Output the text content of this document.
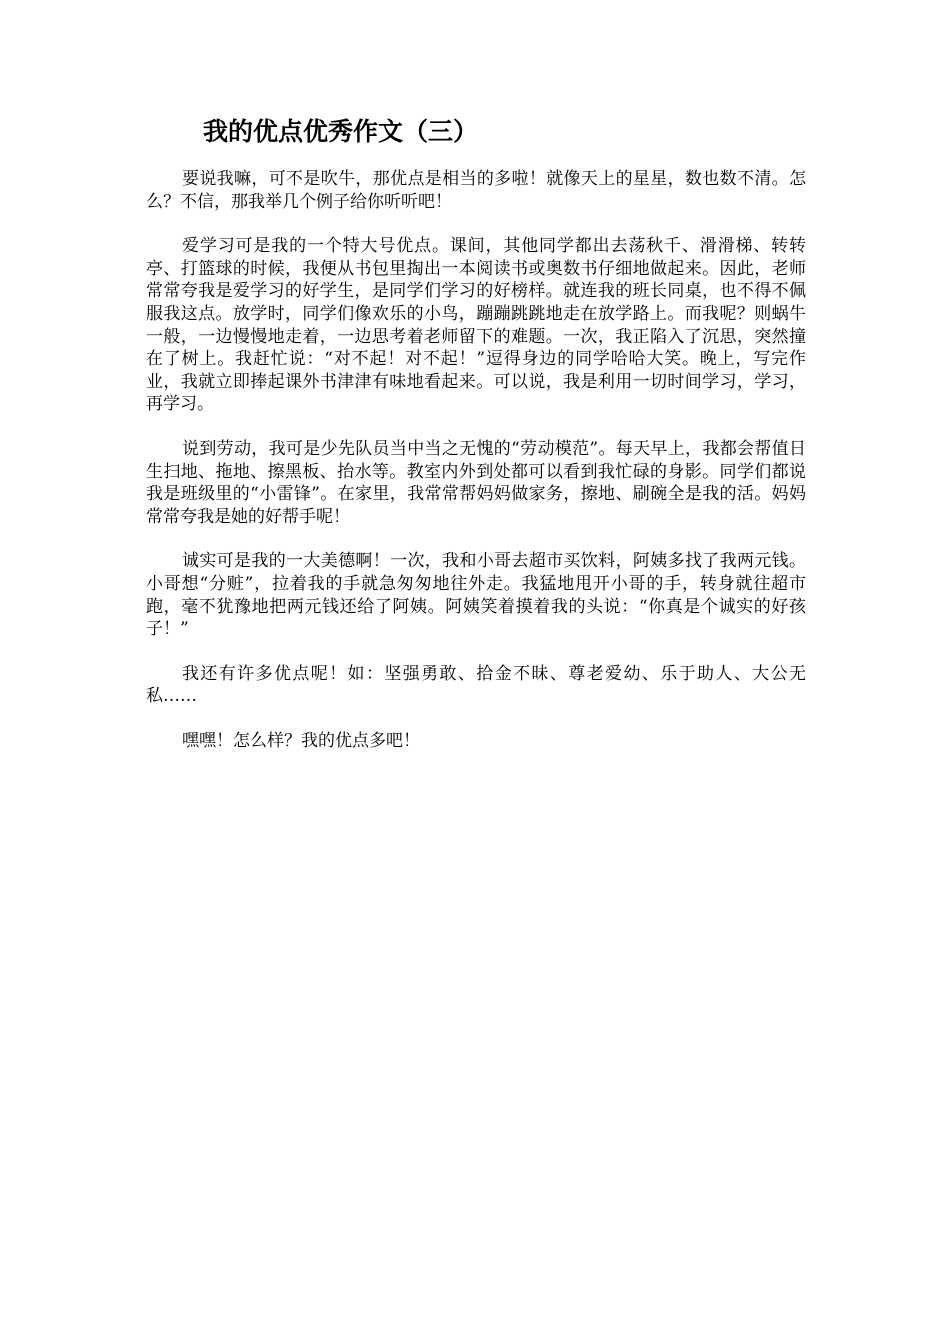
我的优点优秀作文（三）

要说我嘛，可不是吹牛，那优点是相当的多啦！就像天上的星星，数也数不清。怎么？不信，那我举几个例子给你听听吧！

爱学习可是我的一个特大号优点。课间，其他同学都出去荡秋千、滑滑梯、转转亭、打篮球的时候，我便从书包里掏出一本阅读书或奥数书仔细地做起来。因此，老师常常夸我是爱学习的好学生，是同学们学习的好榜样。就连我的班长同桌，也不得不佩服我这点。放学时，同学们像欢乐的小鸟，蹦蹦跳跳地走在放学路上。而我呢？则蜗牛一般，一边慢慢地走着，一边思考着老师留下的难题。一次，我正陷入了沉思，突然撞在了树上。我赶忙说：“对不起！对不起！”逗得身边的同学哈哈大笑。晚上，写完作业，我就立即捧起课外书津津有味地看起来。可以说，我是利用一切时间学习，学习，再学习。

说到劳动，我可是少先队员当中当之无愧的“劳动模范”。每天早上，我都会帮值日生扫地、拖地、擦黑板、抬水等。教室内外到处都可以看到我忙碌的身影。同学们都说我是班级里的“小雷锋”。在家里，我常常帮妈妈做家务，擦地、刷碗全是我的活。妈妈常常夸我是她的好帮手呢！

诚实可是我的一大美德啊！一次，我和小哥去超市买饮料，阿姨多找了我两元钱。小哥想“分赃”，拉着我的手就急匆匆地往外走。我猛地甩开小哥的手，转身就往超市跑，毫不犹豫地把两元钱还给了阿姨。阿姨笑着摸着我的头说：“你真是个诚实的好孩子！”

我还有许多优点呢！如：坚强勇敢、拾金不昧、尊老爱幼、乐于助人、大公无私……

嘿嘿！怎么样？我的优点多吧！
